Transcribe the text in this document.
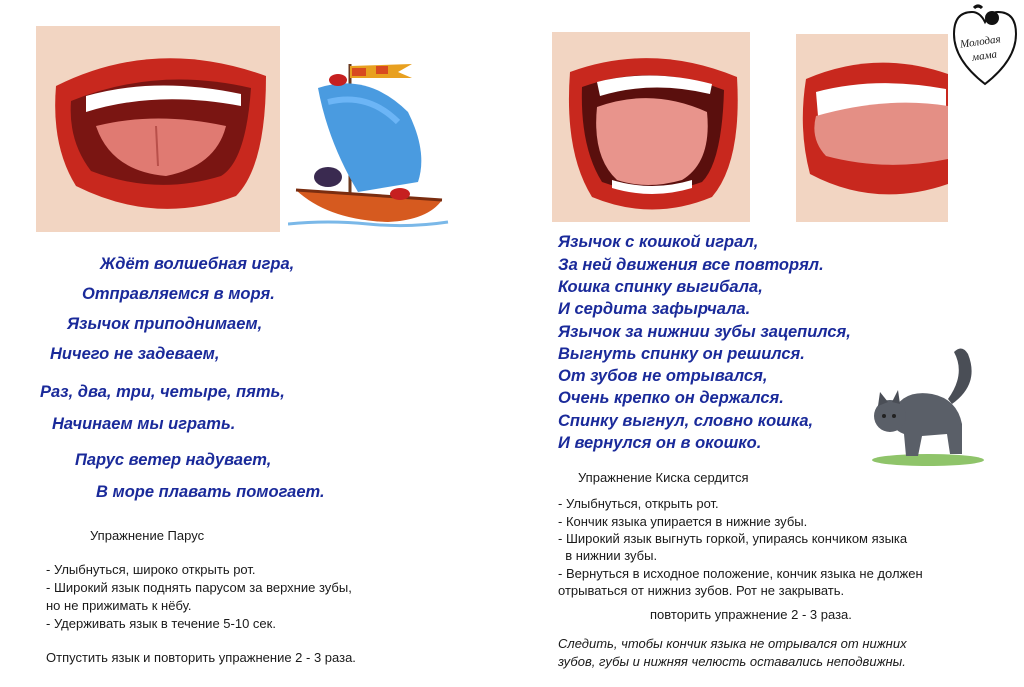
Ждёт волшебная игра,
Отправляемся в моря.
Язычок приподнимаем,
Ничего не задеваем,
Раз, два, три, четыре, пять,
Начинаем мы играть.
Парус ветер надувает,
В море плавать помогает.
Упражнение Парус
- Улыбнуться, широко открыть рот.
- Широкий язык поднять парусом за верхние зубы,
но не прижимать к нёбу.
- Удерживать язык в течение 5-10 сек.
Отпустить язык и повторить упражнение 2 - 3 раза.
Молодая
мама
Язычок с кошкой играл,
За ней движения все повторял.
Кошка спинку выгибала,
И сердита зафырчала.
Язычок за нижнии зубы зацепился,
Выгнуть спинку он решился.
От зубов не отрывался,
Очень крепко он держался.
Спинку выгнул, словно кошка,
И вернулся он в окошко.
Упражнение Киска сердится
- Улыбнуться, открыть рот.
- Кончик языка упирается в нижние зубы.
- Широкий язык выгнуть горкой, упираясь кончиком языка
в нижнии зубы.
- Вернуться в исходное положение, кончик языка не должен
отрываться от нижниз зубов. Рот не закрывать.
повторить упражнение 2 - 3 раза.
Следить, чтобы кончик языка не отрывался от нижних
зубов, губы и нижняя челюсть оставались неподвижны.
